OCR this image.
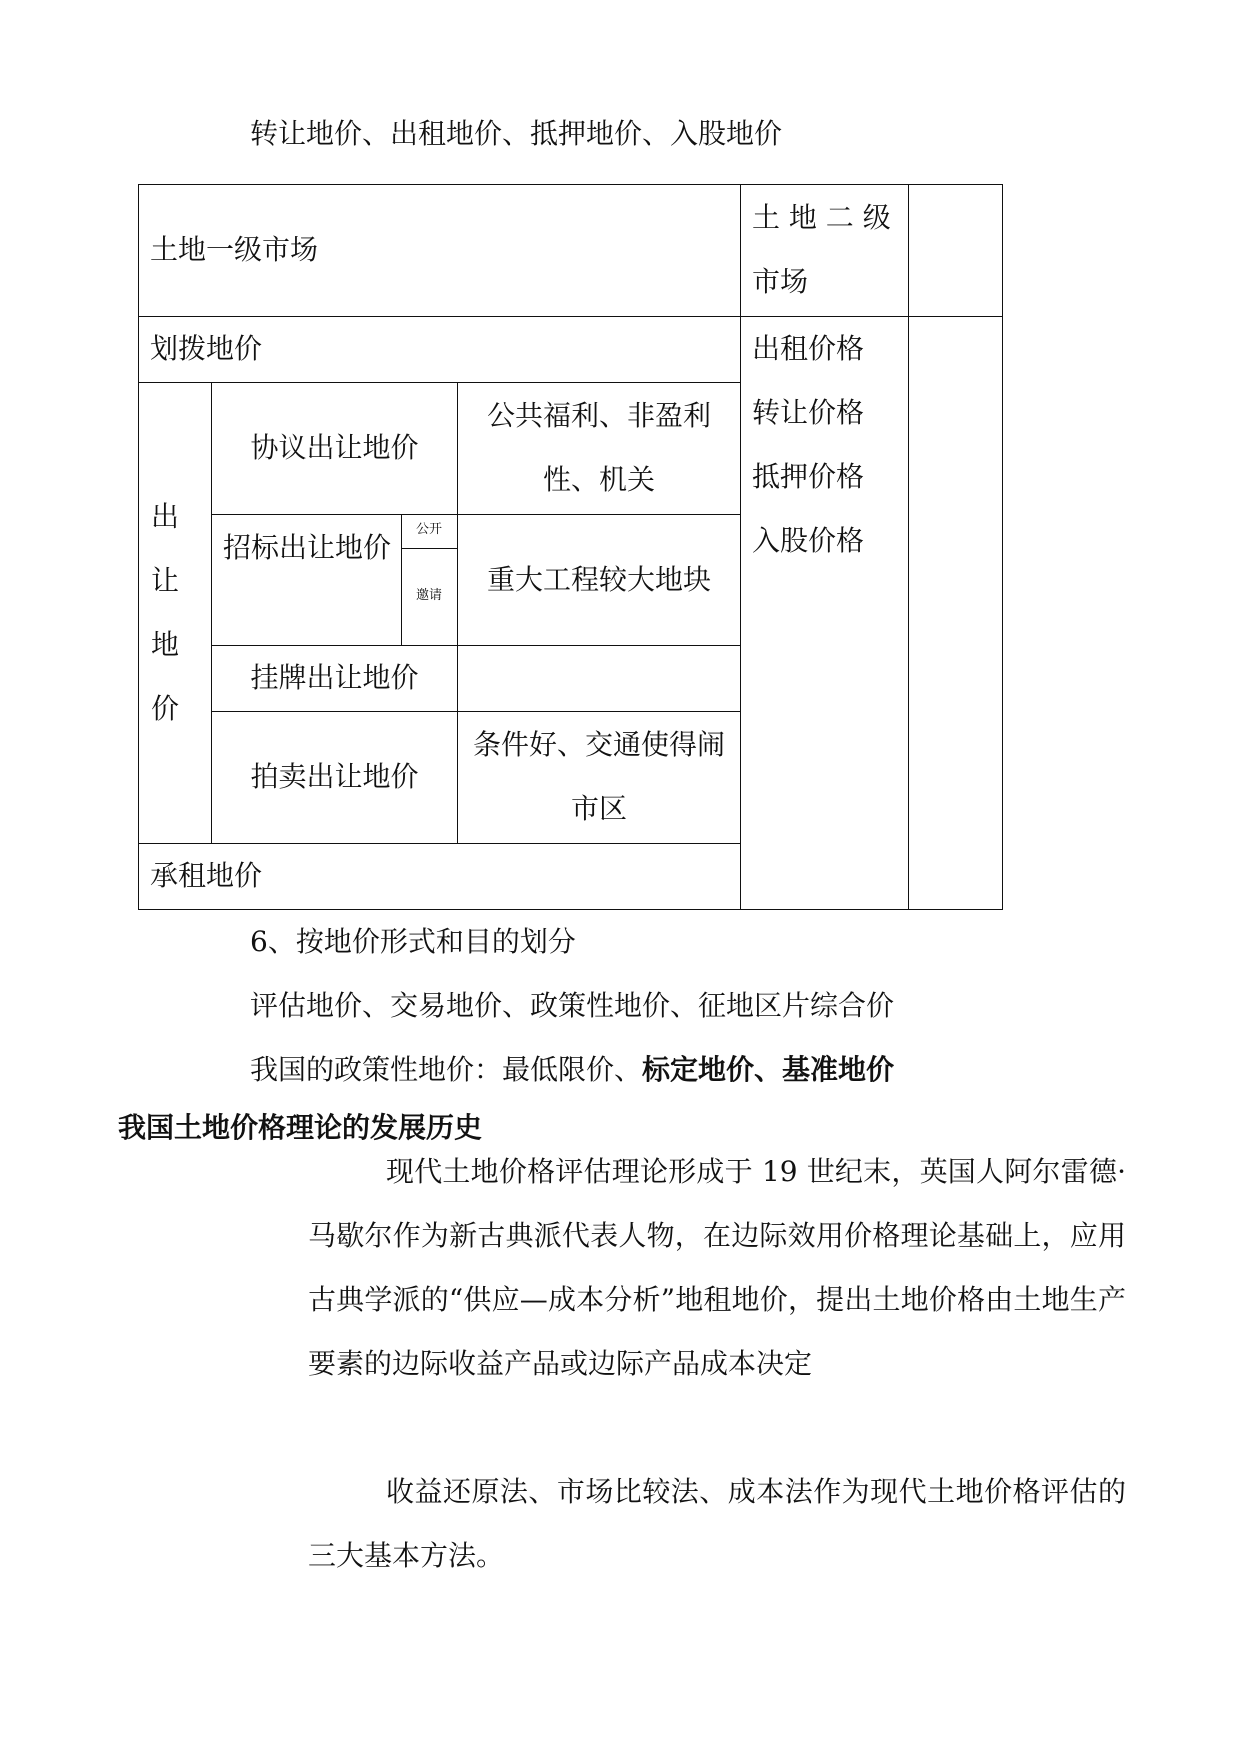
转让地价、出租地价、抵押地价、入股地价
土地一级市场
土 地 二 级 市场
划拨地价
出
让
地
价
协议出让地价
公共福利、非盈利性、机关
招标出让地价
公开
邀请	重大工程较大地块
挂牌出让地价
拍卖出让地价
条件好、交通使得闹市区
承租地价
出租价格
转让价格
抵押价格
入股价格
6、按地价形式和目的划分
评估地价、交易地价、政策性地价、征地区片综合价
我国的政策性地价：最低限价、标定地价、基准地价
我国土地价格理论的发展历史
现代土地价格评估理论形成于 19 世纪末，英国人阿尔雷德·马歇尔作为新古典派代表人物，在边际效用价格理论基础上，应用古典学派的“供应—成本分析”地租地价，提出土地价格由土地生产要素的边际收益产品或边际产品成本决定
收益还原法、市场比较法、成本法作为现代土地价格评估的三大基本方法。
